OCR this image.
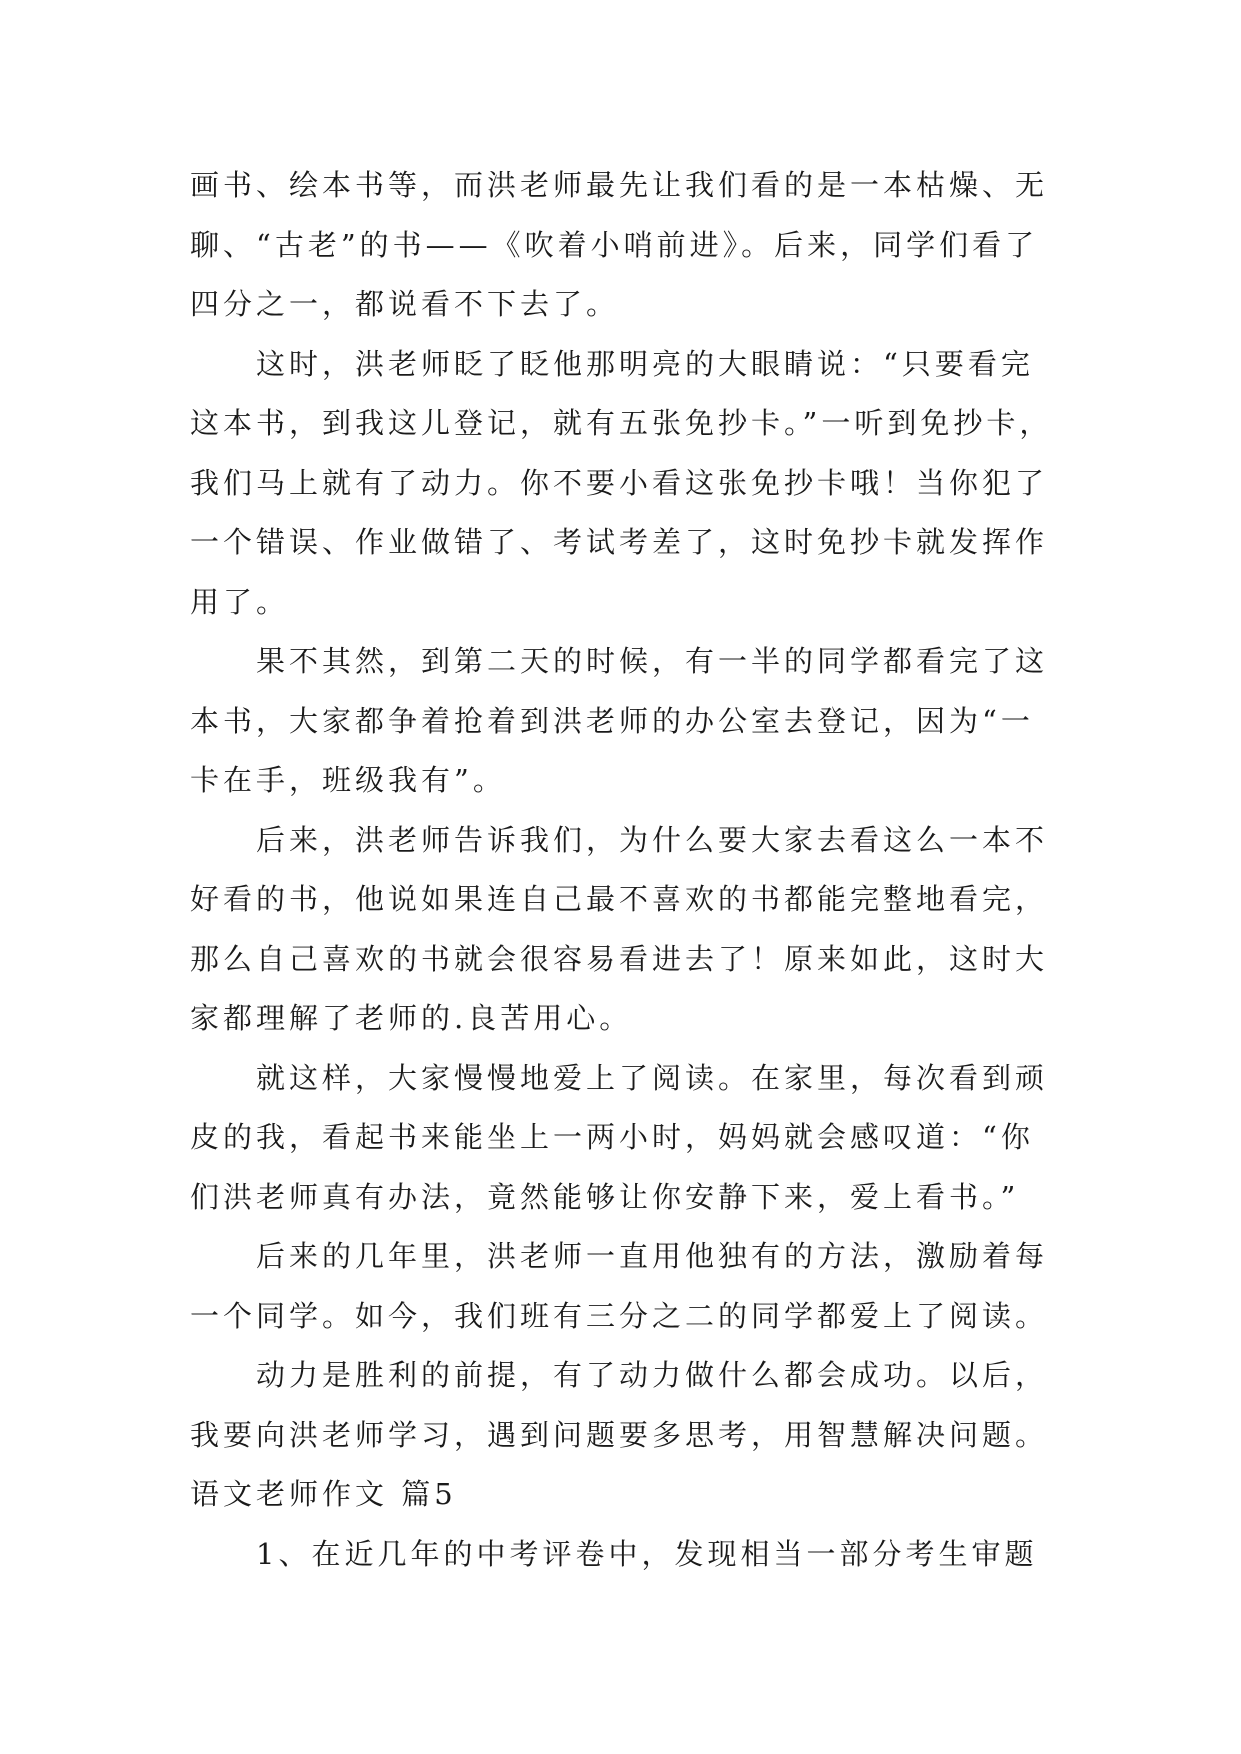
画书、绘本书等，而洪老师最先让我们看的是一本枯燥、无
聊、“古老”的书——《吹着小哨前进》。后来，同学们看了
四分之一，都说看不下去了。
这时，洪老师眨了眨他那明亮的大眼睛说：“只要看完
这本书，到我这儿登记，就有五张免抄卡。”一听到免抄卡，
我们马上就有了动力。你不要小看这张免抄卡哦！当你犯了
一个错误、作业做错了、考试考差了，这时免抄卡就发挥作
用了。
果不其然，到第二天的时候，有一半的同学都看完了这
本书，大家都争着抢着到洪老师的办公室去登记，因为“一
卡在手，班级我有”。
后来，洪老师告诉我们，为什么要大家去看这么一本不
好看的书，他说如果连自己最不喜欢的书都能完整地看完，
那么自己喜欢的书就会很容易看进去了！原来如此，这时大
家都理解了老师的.良苦用心。
就这样，大家慢慢地爱上了阅读。在家里，每次看到顽
皮的我，看起书来能坐上一两小时，妈妈就会感叹道：“你
们洪老师真有办法，竟然能够让你安静下来，爱上看书。”
后来的几年里，洪老师一直用他独有的方法，激励着每
一个同学。如今，我们班有三分之二的同学都爱上了阅读。
动力是胜利的前提，有了动力做什么都会成功。以后，
我要向洪老师学习，遇到问题要多思考，用智慧解决问题。
语文老师作文 篇5
1、在近几年的中考评卷中，发现相当一部分考生审题
